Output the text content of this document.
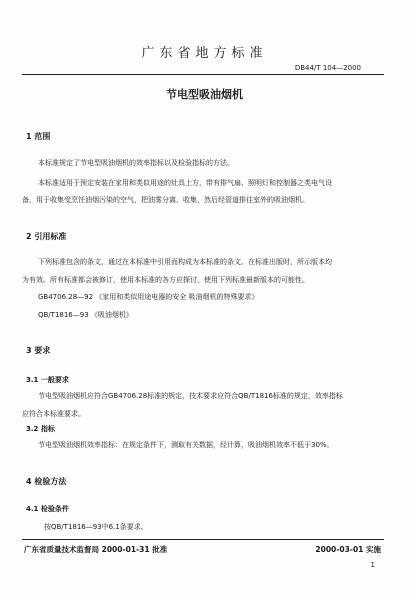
广东省地方标准
DB44/T 104—2000
节电型吸油烟机
1 范围
本标准规定了节电型吸油烟机的效率指标以及检验指标的方法。
本标准适用于预定安装在家用和类似用途的灶具上方，带有排气扇、照明灯和控制器之类电气设
备，用于收集受烹饪油烟污染的空气，把油雾分离、收集，然后经管道排往室外的吸油烟机。
2 引用标准
下列标准包含的条文，通过在本标准中引用而构成为本标准的条文。在标准出版时，所示版本均
为有效。所有标准都会被修订，使用本标准的各方应探讨，使用下列标准最新版本的可能性。
GB4706.28—92 《家用和类似用途电器的安全 吸油烟机的特殊要求》
QB/T1816—93 《吸油烟机》
3 要求
3.1 一般要求
节电型吸油烟机应符合GB4706.28标准的规定，技术要求应符合QB/T1816标准的规定，效率指标
应符合本标准要求。
3.2 指标
节电型吸油烟机效率指标：在规定条件下，测取有关数据，经计算，吸油烟机效率不低于30%。
4 检验方法
4.1 检验条件
按QB/T1816—93中6.1条要求。
广东省质量技术监督局 2000-01-31 批准	2000-03-01 实施
1
